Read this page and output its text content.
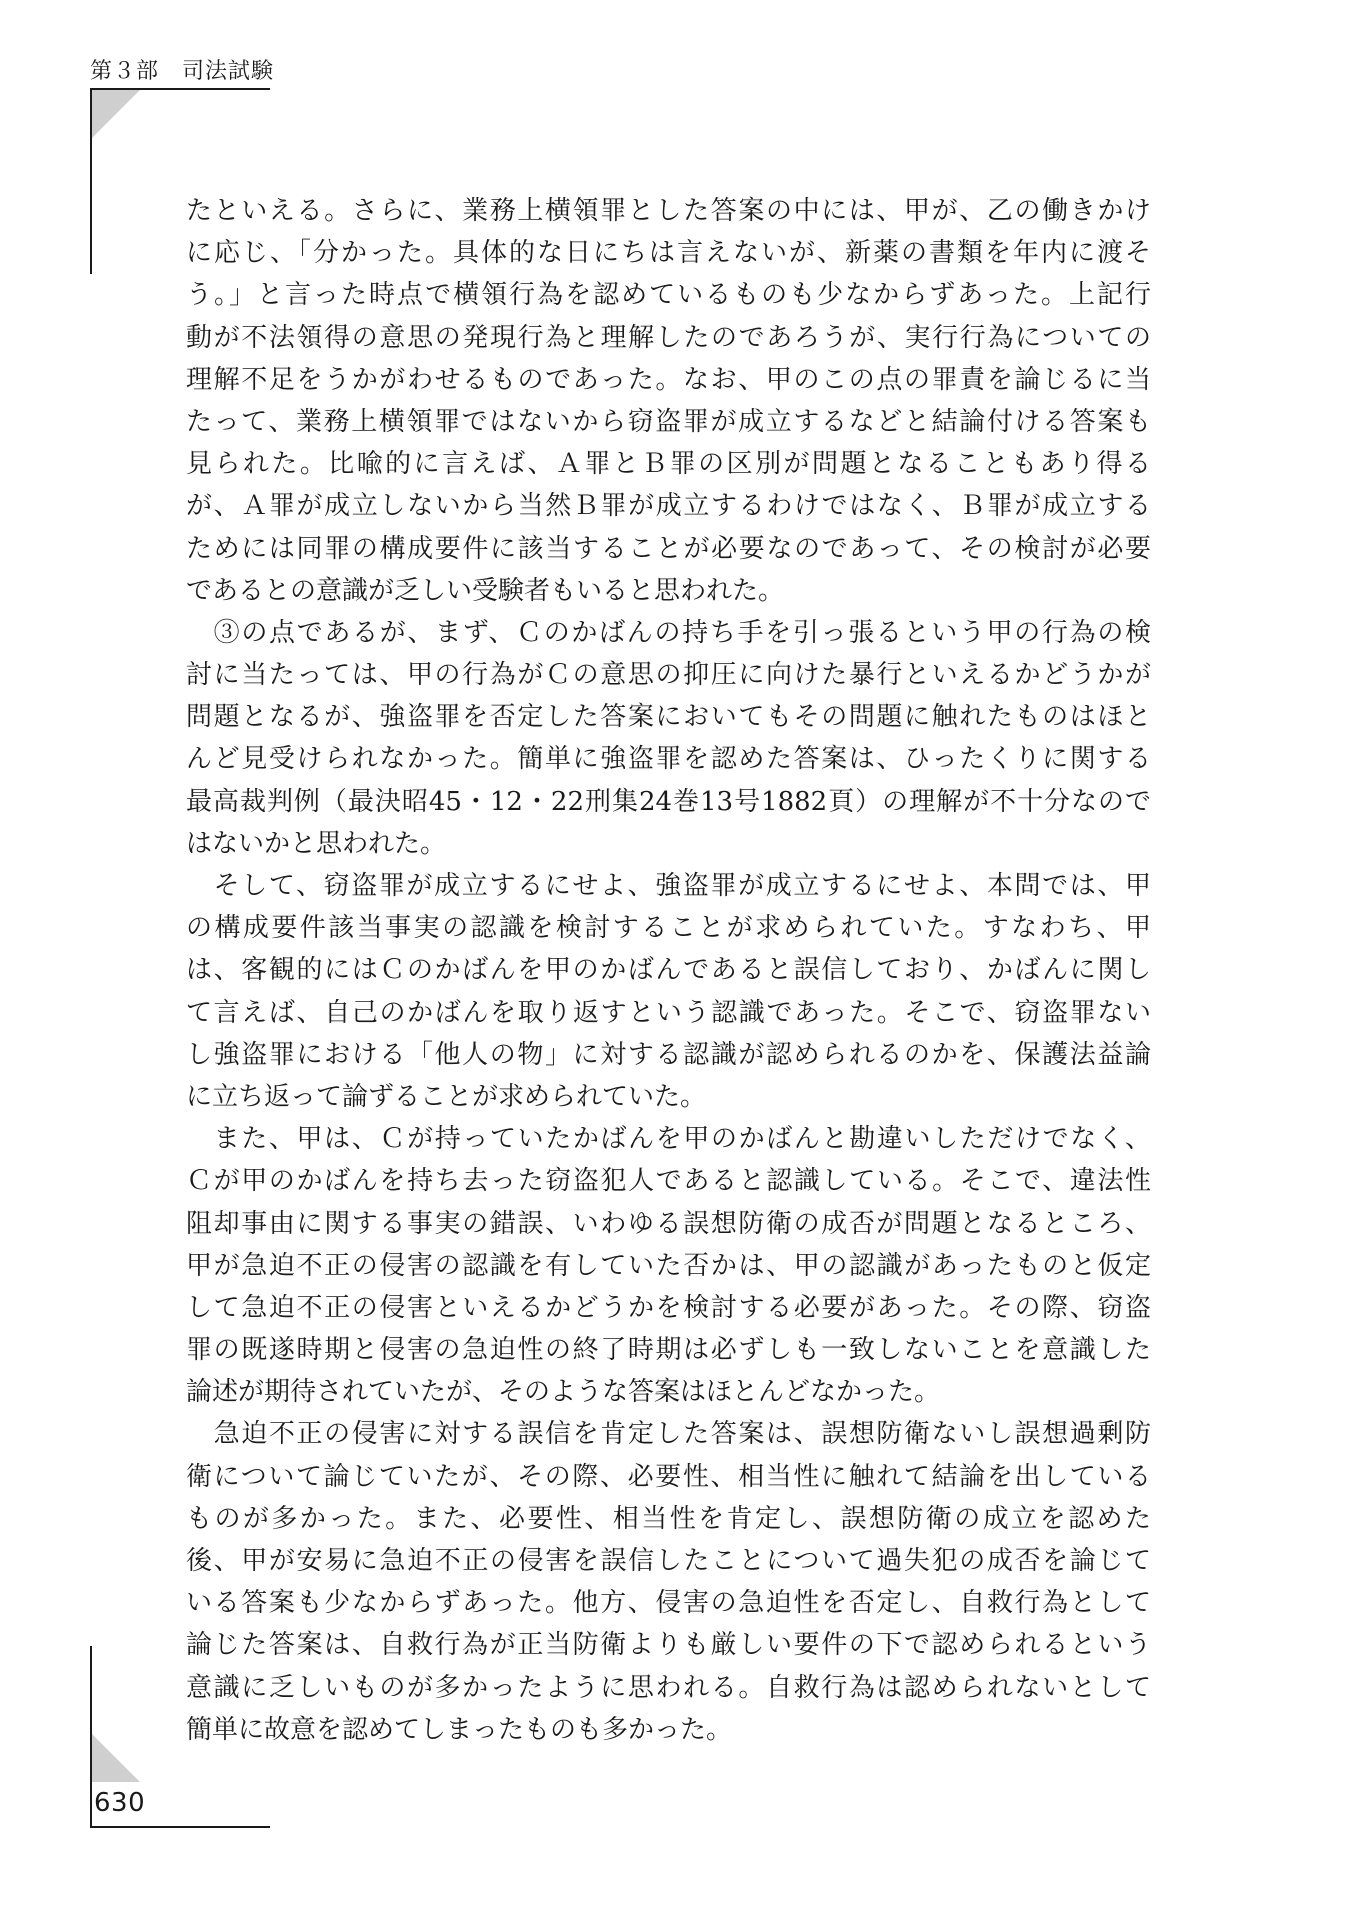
第３部　司法試験
たといえる。さらに、業務上横領罪とした答案の中には、甲が、乙の働きかけ
に応じ、「分かった。具体的な日にちは言えないが、新薬の書類を年内に渡そ
う。」と言った時点で横領行為を認めているものも少なからずあった。上記行
動が不法領得の意思の発現行為と理解したのであろうが、実行行為についての
理解不足をうかがわせるものであった。なお、甲のこの点の罪責を論じるに当
たって、業務上横領罪ではないから窃盗罪が成立するなどと結論付ける答案も
見られた。比喩的に言えば、Ａ罪とＢ罪の区別が問題となることもあり得る
が、Ａ罪が成立しないから当然Ｂ罪が成立するわけではなく、Ｂ罪が成立する
ためには同罪の構成要件に該当することが必要なのであって、その検討が必要
であるとの意識が乏しい受験者もいると思われた。
　③の点であるが、まず、Ｃのかばんの持ち手を引っ張るという甲の行為の検
討に当たっては、甲の行為がＣの意思の抑圧に向けた暴行といえるかどうかが
問題となるが、強盗罪を否定した答案においてもその問題に触れたものはほと
んど見受けられなかった。簡単に強盗罪を認めた答案は、ひったくりに関する
最高裁判例（最決昭45・12・22刑集24巻13号1882頁）の理解が不十分なので
はないかと思われた。
　そして、窃盗罪が成立するにせよ、強盗罪が成立するにせよ、本問では、甲
の構成要件該当事実の認識を検討することが求められていた。すなわち、甲
は、客観的にはＣのかばんを甲のかばんであると誤信しており、かばんに関し
て言えば、自己のかばんを取り返すという認識であった。そこで、窃盗罪ない
し強盗罪における「他人の物」に対する認識が認められるのかを、保護法益論
に立ち返って論ずることが求められていた。
　また、甲は、Ｃが持っていたかばんを甲のかばんと勘違いしただけでなく、
Ｃが甲のかばんを持ち去った窃盗犯人であると認識している。そこで、違法性
阻却事由に関する事実の錯誤、いわゆる誤想防衛の成否が問題となるところ、
甲が急迫不正の侵害の認識を有していた否かは、甲の認識があったものと仮定
して急迫不正の侵害といえるかどうかを検討する必要があった。その際、窃盗
罪の既遂時期と侵害の急迫性の終了時期は必ずしも一致しないことを意識した
論述が期待されていたが、そのような答案はほとんどなかった。
　急迫不正の侵害に対する誤信を肯定した答案は、誤想防衛ないし誤想過剰防
衛について論じていたが、その際、必要性、相当性に触れて結論を出している
ものが多かった。また、必要性、相当性を肯定し、誤想防衛の成立を認めた
後、甲が安易に急迫不正の侵害を誤信したことについて過失犯の成否を論じて
いる答案も少なからずあった。他方、侵害の急迫性を否定し、自救行為として
論じた答案は、自救行為が正当防衛よりも厳しい要件の下で認められるという
意識に乏しいものが多かったように思われる。自救行為は認められないとして
簡単に故意を認めてしまったものも多かった。
630
